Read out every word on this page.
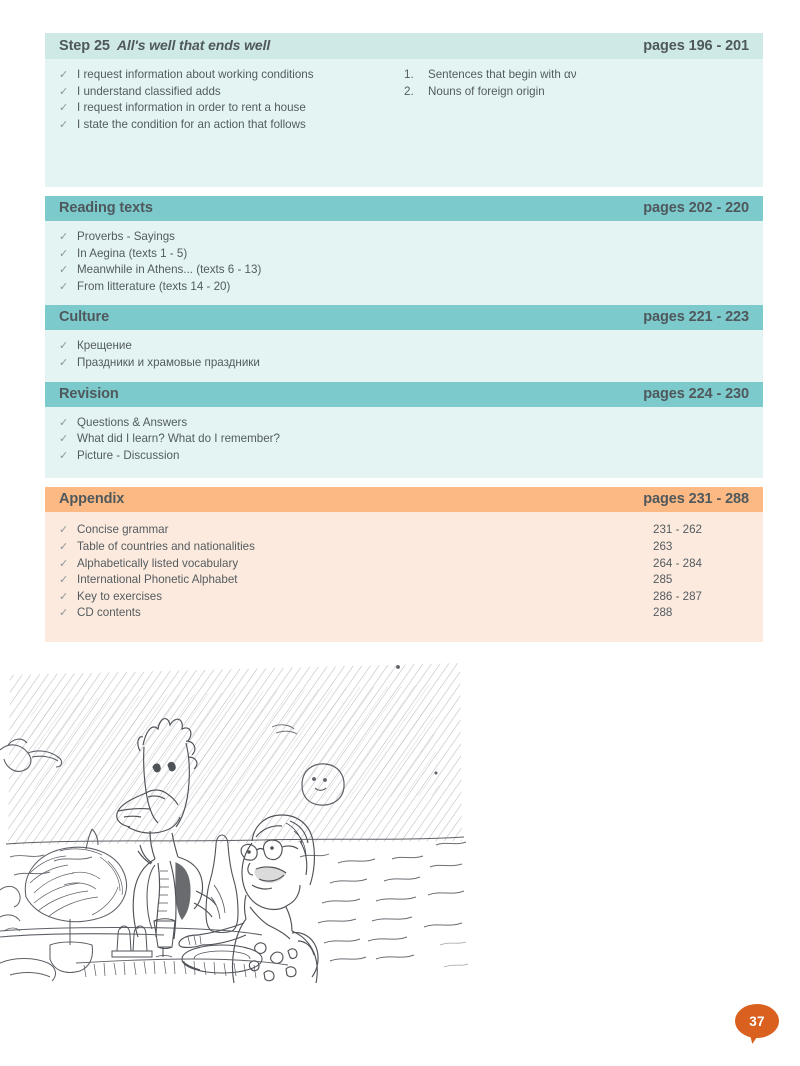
Step 25 All's well that ends well	pages 196 - 201
✓ I request information about working conditions
✓ I understand classified adds
✓ I request information in order to rent a house
✓ I state the condition for an action that follows
1.	Sentences that begin with αν
2.	Nouns of foreign origin
Reading texts	pages 202 - 220
✓ Proverbs - Sayings
✓ In Aegina (texts 1 - 5)
✓ Meanwhile in Athens... (texts 6 - 13)
✓ From litterature (texts 14 - 20)
Culture	pages 221 - 223
✓ Крещение
✓ Праздники и храмовые праздники
Revision	pages 224 - 230
✓ Questions & Answers
✓ What did I learn? What do I remember?
✓ Picture - Discussion
Appendix	pages 231 - 288
✓ Concise grammar	231 - 262
✓ Table of countries and nationalities	263
✓ Alphabetically listed vocabulary	264 - 284
✓ International Phonetic Alphabet	285
✓ Key to exercises	286 - 287
✓ CD contents	288
37
